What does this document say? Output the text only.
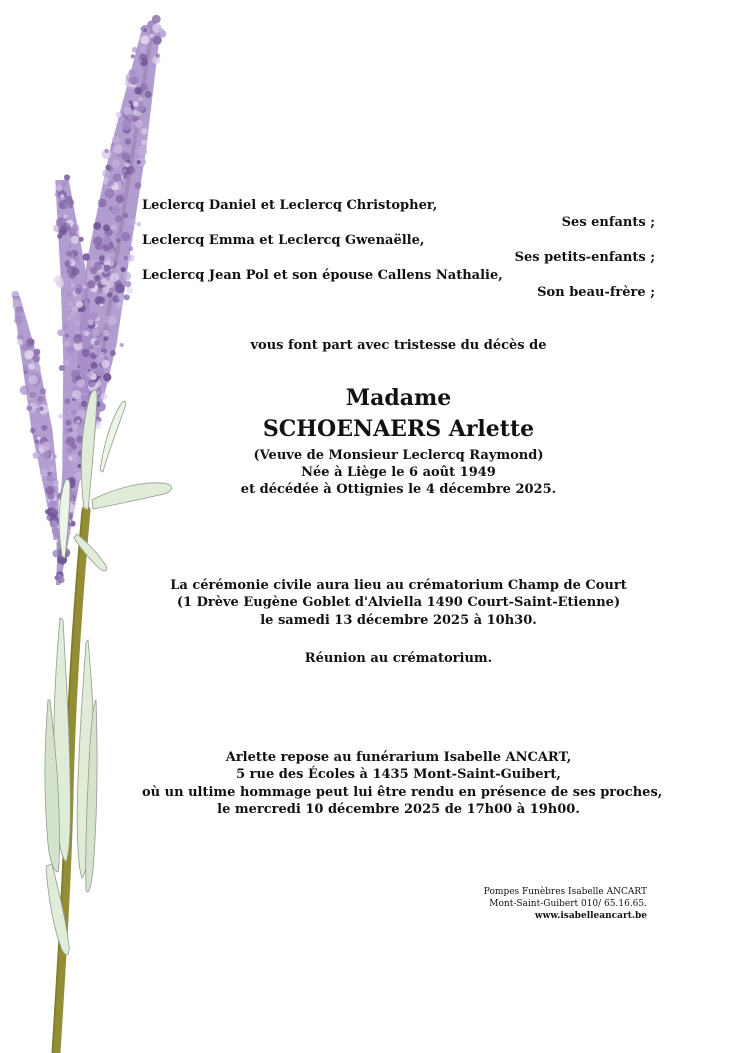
Leclercq Daniel et Leclercq Christopher,
Ses enfants ;
Leclercq Emma et Leclercq Gwenaëlle,
Ses petits-enfants ;
Leclercq Jean Pol et son épouse Callens Nathalie,
Son beau-frère ;
vous font part avec tristesse du décès de
Madame
SCHOENAERS Arlette
(Veuve de Monsieur Leclercq Raymond)
Née à Liège le 6 août 1949
et décédée à Ottignies le 4 décembre 2025.
La cérémonie civile aura lieu au crématorium Champ de Court
(1 Drève Eugène Goblet d'Alviella 1490 Court-Saint-Etienne)
le samedi 13 décembre 2025 à 10h30.
Réunion au crématorium.
Arlette repose au funérarium Isabelle ANCART,
5 rue des Écoles à 1435 Mont-Saint-Guibert,
où un ultime hommage peut lui être rendu en présence de ses proches,
le mercredi 10 décembre 2025 de 17h00 à 19h00.
Pompes Funèbres Isabelle ANCART
Mont-Saint-Guibert 010/ 65.16.65.
www.isabelleancart.be
